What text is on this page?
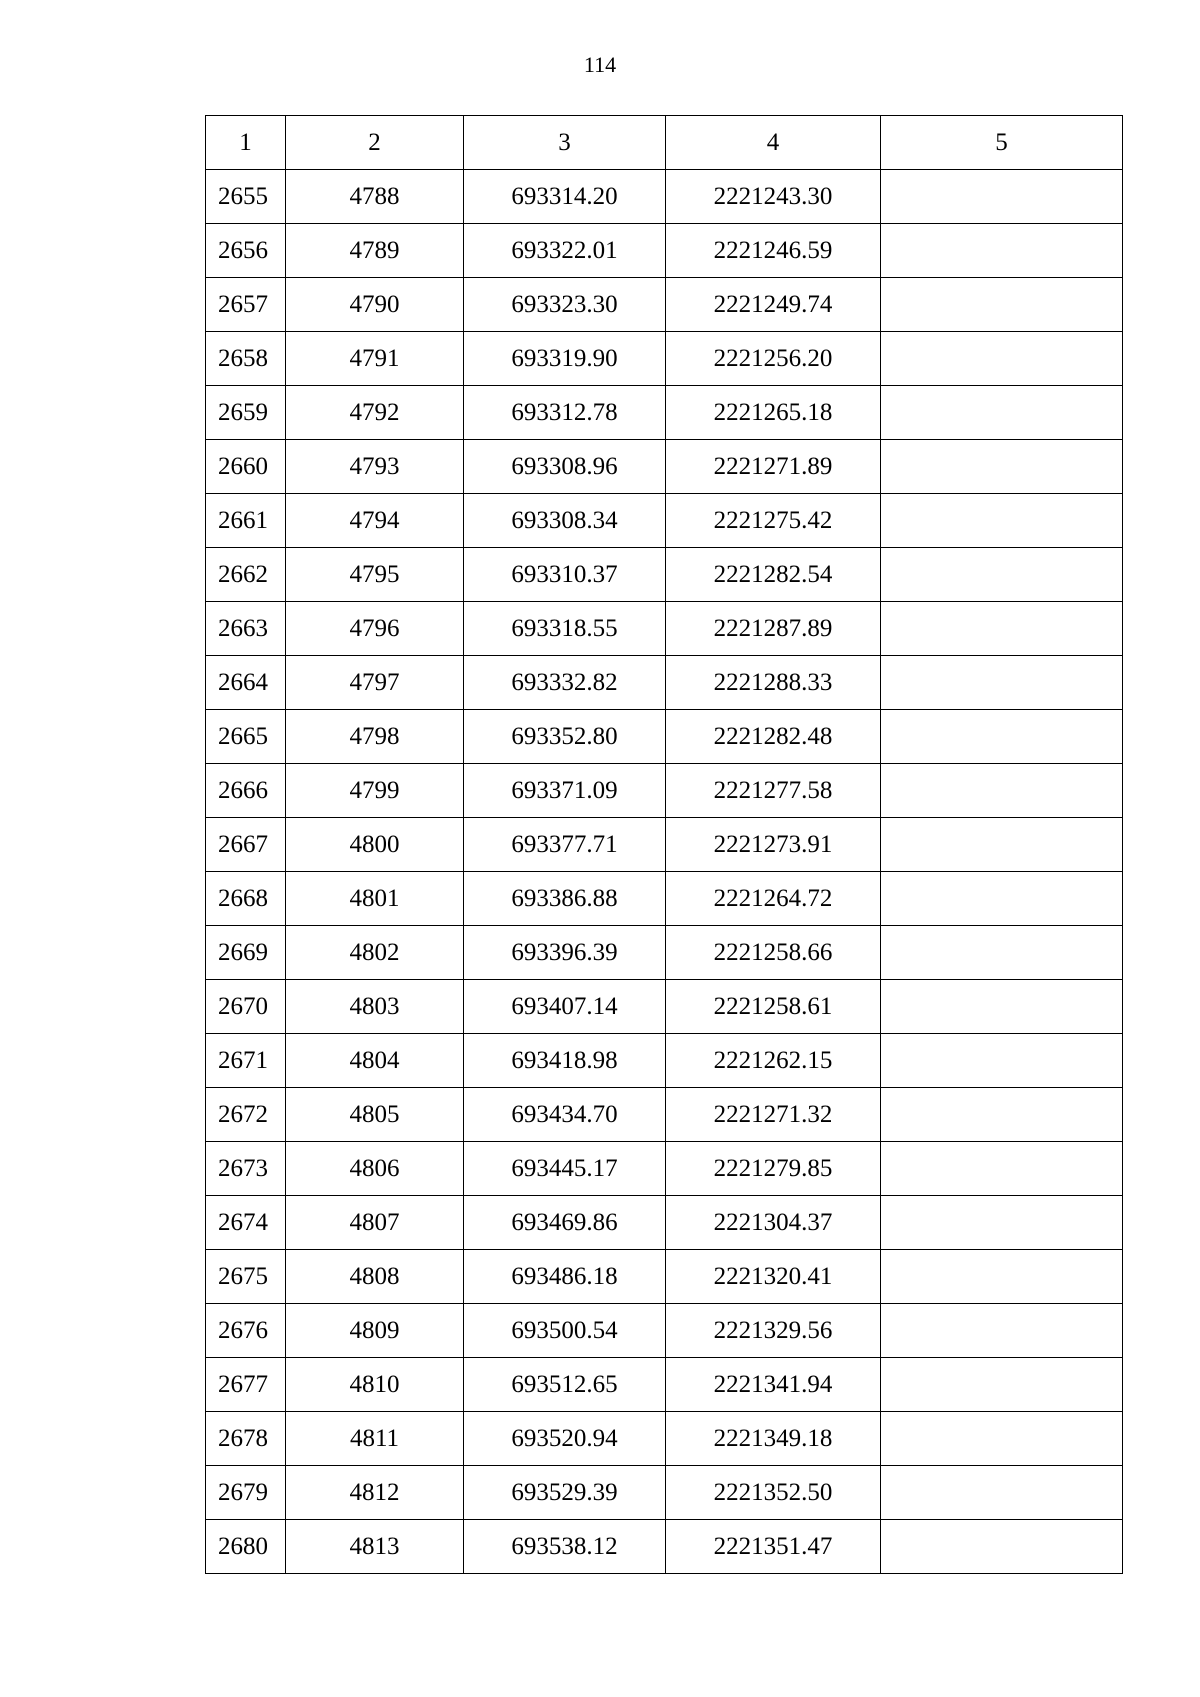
114
1	2	3	4	5
2655	4788	693314.20	2221243.30	
2656	4789	693322.01	2221246.59	
2657	4790	693323.30	2221249.74	
2658	4791	693319.90	2221256.20	
2659	4792	693312.78	2221265.18	
2660	4793	693308.96	2221271.89	
2661	4794	693308.34	2221275.42	
2662	4795	693310.37	2221282.54	
2663	4796	693318.55	2221287.89	
2664	4797	693332.82	2221288.33	
2665	4798	693352.80	2221282.48	
2666	4799	693371.09	2221277.58	
2667	4800	693377.71	2221273.91	
2668	4801	693386.88	2221264.72	
2669	4802	693396.39	2221258.66	
2670	4803	693407.14	2221258.61	
2671	4804	693418.98	2221262.15	
2672	4805	693434.70	2221271.32	
2673	4806	693445.17	2221279.85	
2674	4807	693469.86	2221304.37	
2675	4808	693486.18	2221320.41	
2676	4809	693500.54	2221329.56	
2677	4810	693512.65	2221341.94	
2678	4811	693520.94	2221349.18	
2679	4812	693529.39	2221352.50	
2680	4813	693538.12	2221351.47	
